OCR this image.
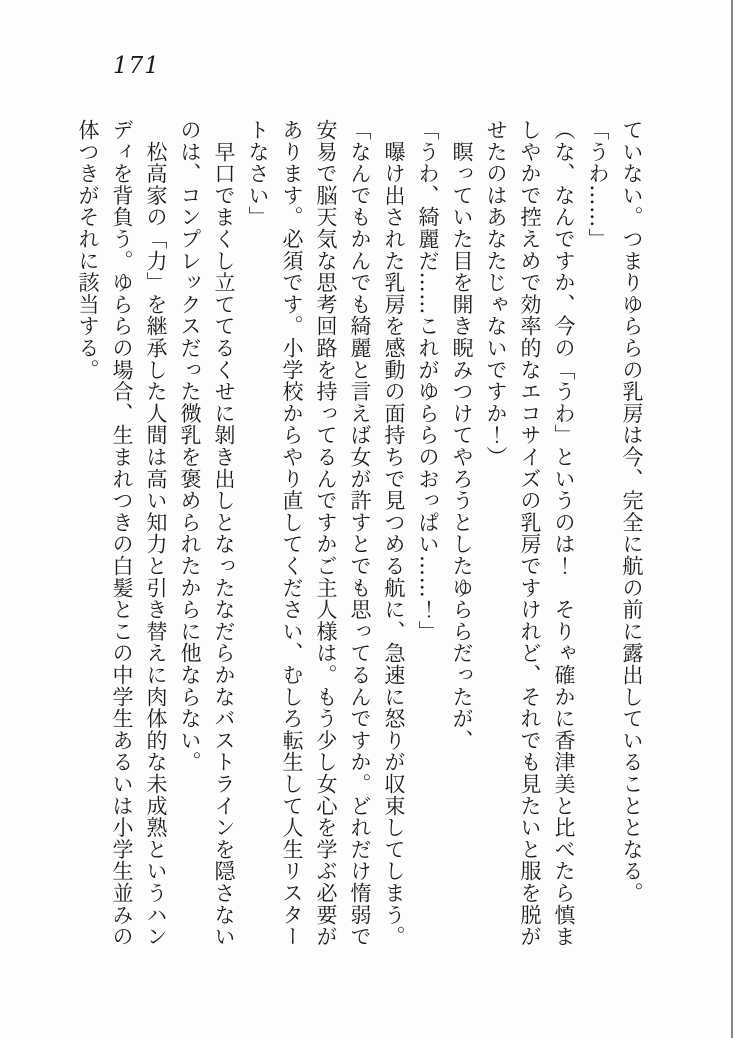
171
ていない。つまりゆららの乳房は今、完全に航の前に露出していることとなる。
「うわ……」
（な、なんですか、今の「うわ」というのは！　そりゃ確かに香津美と比べたら慎ま
しやかで控えめで効率的なエコサイズの乳房ですけれど、それでも見たいと服を脱が
せたのはあなたじゃないですか！）
　瞑っていた目を開き睨みつけてやろうとしたゆららだったが、
「うわ、綺麗だ……これがゆららのおっぱい……！」
　曝け出された乳房を感動の面持ちで見つめる航に、急速に怒りが収束してしまう。
「なんでもかんでも綺麗と言えば女が許すとでも思ってるんですか。どれだけ惰弱で
安易で脳天気な思考回路を持ってるんですかご主人様は。もう少し女心を学ぶ必要が
あります。必須です。小学校からやり直してください、むしろ転生して人生リスター
トなさい」
　早口でまくし立ててるくせに剝き出しとなったなだらかなバストラインを隠さない
のは、コンプレックスだった微乳を褒められたからに他ならない。
　松高家の「力」を継承した人間は高い知力と引き替えに肉体的な未成熟というハン
ディを背負う。ゆららの場合、生まれつきの白髪とこの中学生あるいは小学生並みの
体つきがそれに該当する。
